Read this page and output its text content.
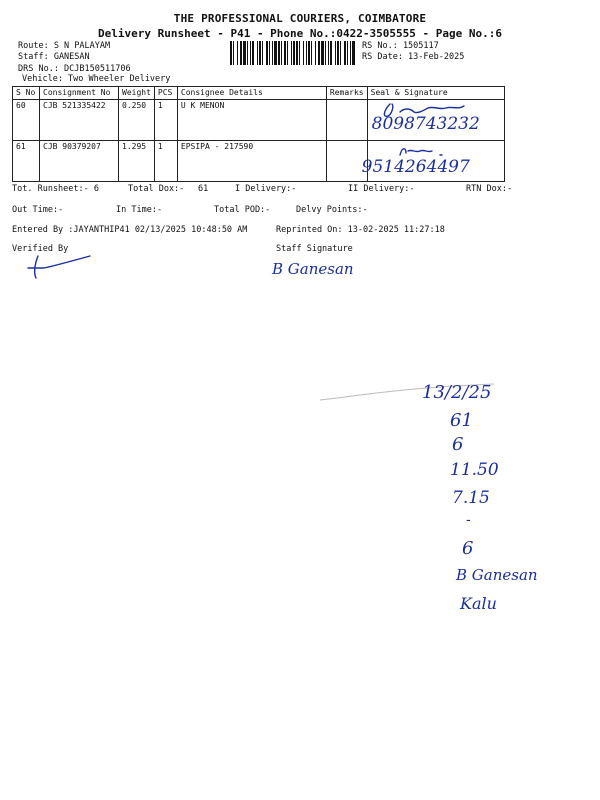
THE PROFESSIONAL COURIERS, COIMBATORE
Delivery Runsheet - P41 - Phone No.:0422-3505555 - Page No.:6
Route: S N PALAYAM
Staff: GANESAN
DRS No.: DCJB150511706
Vehicle: Two Wheeler Delivery
RS No.: 1505117
RS Date: 13-Feb-2025
S No	Consignment No	Weight	PCS	Consignee Details	Remarks	Seal & Signature
60	CJB 521335422	0.250	1	U K MENON		8098743232

61	CJB 90379207	1.295	1	EPSIPA - 217590		9514264497
Tot. Runsheet:- 6	Total Dox:- 61	I Delivery:-	II Delivery:-	RTN Dox:-
Out Time:-	In Time:-	Total POD:-	Delvy Points:-
Entered By :JAYANTHIP41 02/13/2025 10:48:50 AM	Reprinted On: 13-02-2025 11:27:18
Verified By	Staff Signature
B Ganesan
13/2/25
61
6
11.50
7.15
-
6
B Ganesan
Kalu
